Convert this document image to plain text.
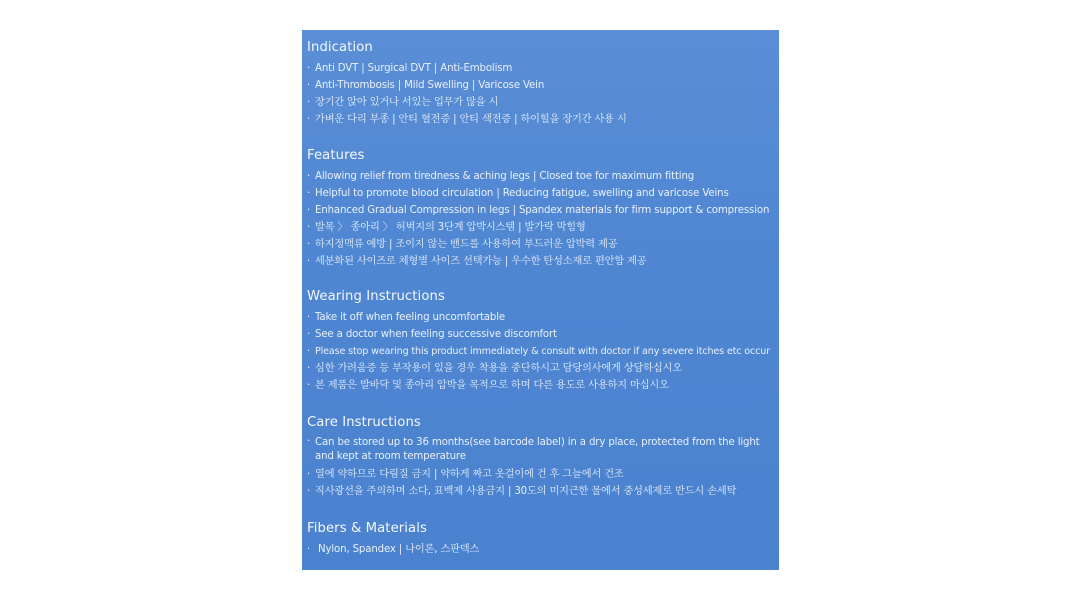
Indication
· Anti DVT | Surgical DVT | Anti-Embolism
· Anti-Thrombosis | Mild Swelling | Varicose Vein
· 장기간 앉아 있거나 서있는 업무가 많을 시
· 가벼운 다리 부종 | 안티 혈전증 | 안티 색전증 | 하이힐을 장기간 사용 시
Features
· Allowing relief from tiredness & aching legs | Closed toe for maximum fitting
· Helpful to promote blood circulation | Reducing fatigue, swelling and varicose Veins
· Enhanced Gradual Compression in legs | Spandex materials for firm support & compression
· 발목 〉 종아리 〉 허벅지의 3단계 압박시스템 | 발가락 막힘형
· 하지정맥류 예방 | 조이지 않는 밴드를 사용하여 부드러운 압박력 제공
· 세분화된 사이즈로 체형별 사이즈 선택가능 | 우수한 탄성소재로 편안함 제공
Wearing Instructions
· Take it off when feeling uncomfortable
· See a doctor when feeling successive discomfort
· Please stop wearing this product immediately & consult with doctor if any severe itches etc occur
· 심한 가려움증 등 부작용이 있을 경우 착용을 중단하시고 담당의사에게 상담하십시오
· 본 제품은 발바닥 및 종아리 압박을 목적으로 하며 다른 용도로 사용하지 마십시오
Care Instructions
· Can be stored up to 36 months(see barcode label) in a dry place, protected from the light and kept at room temperature
· 열에 약하므로 다림질 금지 | 약하게 짜고 옷걸이에 건 후 그늘에서 건조
· 직사광선을 주의하며 소다, 표백제 사용금지 | 30도의 미지근한 물에서 중성세제로 반드시 손세탁
Fibers & Materials
· Nylon, Spandex | 나이론, 스판덱스
